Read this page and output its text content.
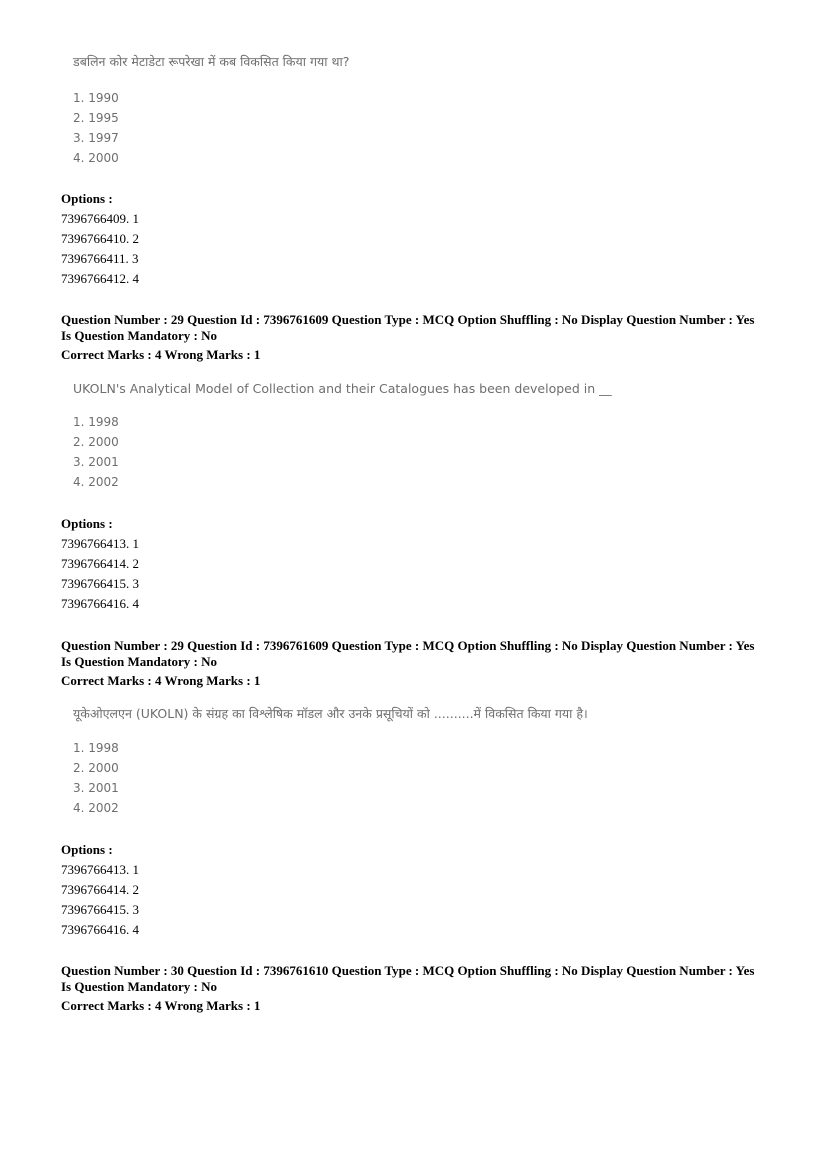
डबलिन कोर मेटाडेटा रूपरेखा में कब विकसित किया गया था?
1. 1990
2. 1995
3. 1997
4. 2000
Options :
7396766409. 1
7396766410. 2
7396766411. 3
7396766412. 4
Question Number : 29 Question Id : 7396761609 Question Type : MCQ Option Shuffling : No Display Question Number : Yes
Is Question Mandatory : No
Correct Marks : 4 Wrong Marks : 1
UKOLN's Analytical Model of Collection and their Catalogues has been developed in __
1. 1998
2. 2000
3. 2001
4. 2002
Options :
7396766413. 1
7396766414. 2
7396766415. 3
7396766416. 4
Question Number : 29 Question Id : 7396761609 Question Type : MCQ Option Shuffling : No Display Question Number : Yes
Is Question Mandatory : No
Correct Marks : 4 Wrong Marks : 1
यूकेओएलएन (UKOLN) के संग्रह का विश्लेषिक मॉडल और उनके प्रसूचियों को ..........में विकसित किया गया है।
1. 1998
2. 2000
3. 2001
4. 2002
Options :
7396766413. 1
7396766414. 2
7396766415. 3
7396766416. 4
Question Number : 30 Question Id : 7396761610 Question Type : MCQ Option Shuffling : No Display Question Number : Yes
Is Question Mandatory : No
Correct Marks : 4 Wrong Marks : 1
